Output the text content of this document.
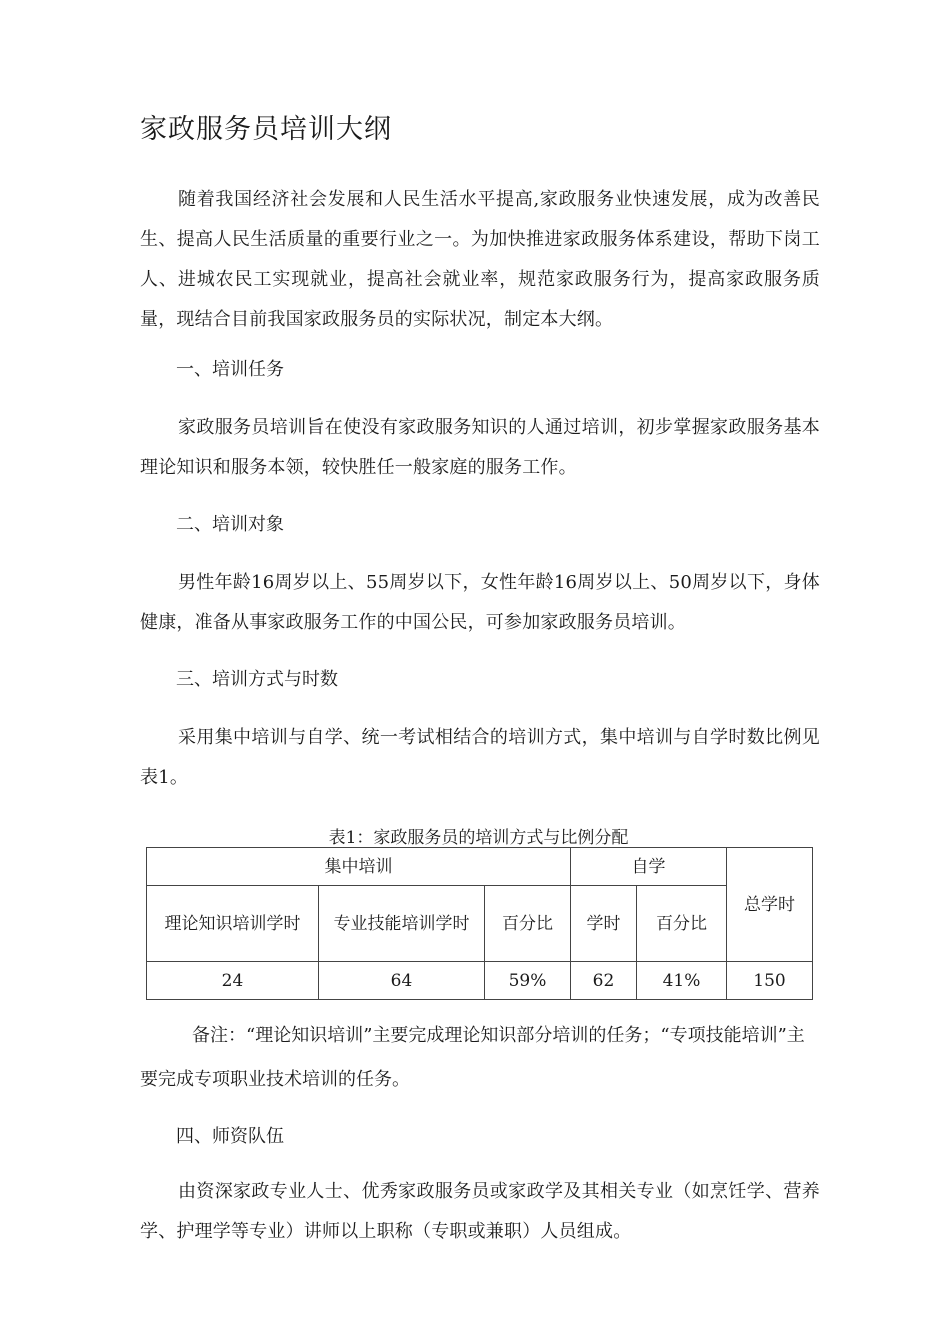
家政服务员培训大纲

随着我国经济社会发展和人民生活水平提高,家政服务业快速发展，成为改善民生、提高人民生活质量的重要行业之一。为加快推进家政服务体系建设，帮助下岗工人、进城农民工实现就业，提高社会就业率，规范家政服务行为，提高家政服务质量，现结合目前我国家政服务员的实际状况，制定本大纲。

一、培训任务

家政服务员培训旨在使没有家政服务知识的人通过培训，初步掌握家政服务基本理论知识和服务本领，较快胜任一般家庭的服务工作。

二、培训对象

男性年龄16周岁以上、55周岁以下，女性年龄16周岁以上、50周岁以下，身体健康，准备从事家政服务工作的中国公民，可参加家政服务员培训。

三、培训方式与时数

采用集中培训与自学、统一考试相结合的培训方式，集中培训与自学时数比例见表1。

表1：家政服务员的培训方式与比例分配
集中培训			自学		总学时
理论知识培训学时	专业技能培训学时	百分比	学时	百分比	
24	64	59%	62	41%	150

备注：“理论知识培训”主要完成理论知识部分培训的任务；“专项技能培训”主要完成专项职业技术培训的任务。

四、师资队伍

由资深家政专业人士、优秀家政服务员或家政学及其相关专业（如烹饪学、营养学、护理学等专业）讲师以上职称（专职或兼职）人员组成。
